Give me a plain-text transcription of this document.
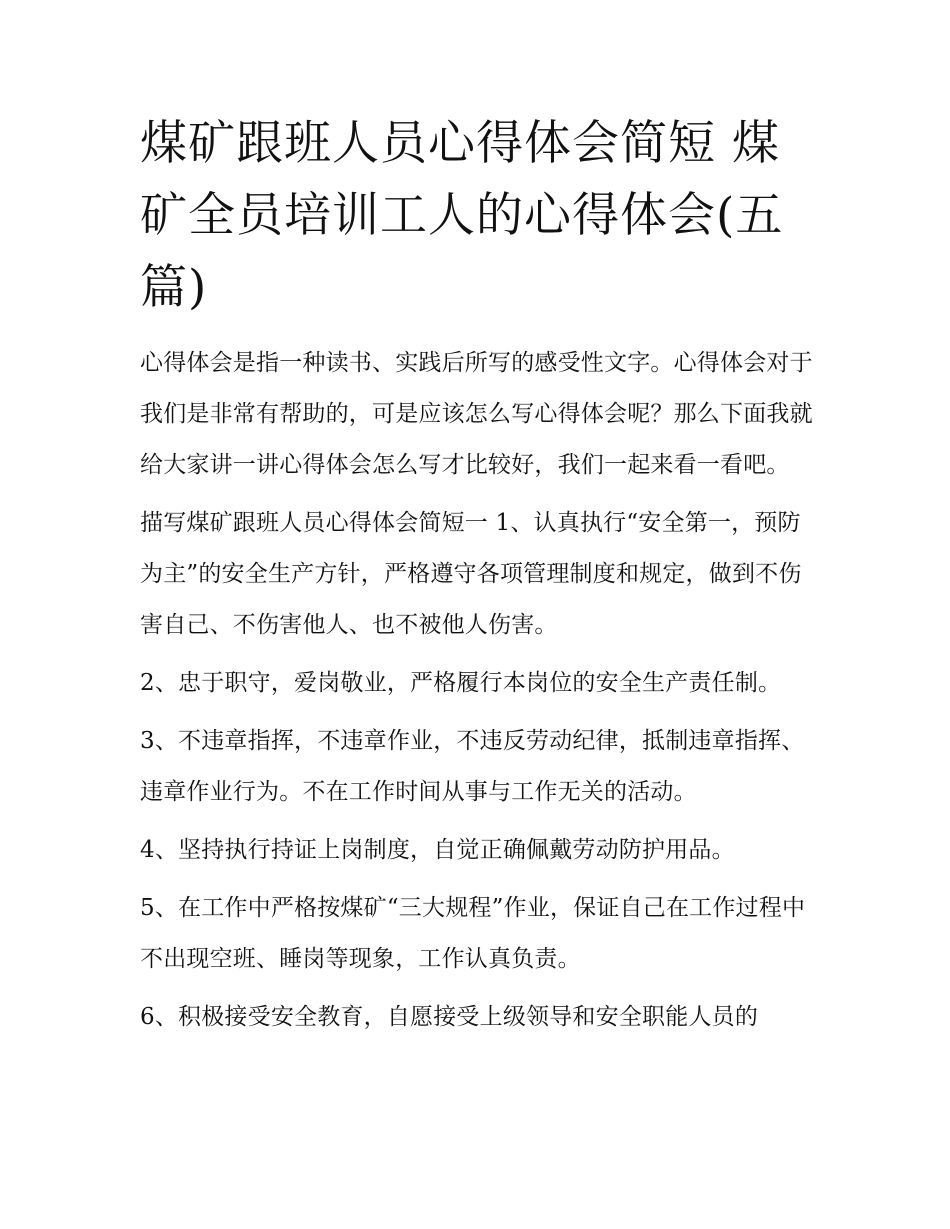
煤矿跟班人员心得体会简短 煤矿全员培训工人的心得体会(五篇)

心得体会是指一种读书、实践后所写的感受性文字。心得体会对于我们是非常有帮助的，可是应该怎么写心得体会呢？那么下面我就给大家讲一讲心得体会怎么写才比较好，我们一起来看一看吧。

描写煤矿跟班人员心得体会简短一 1、认真执行“安全第一，预防为主”的安全生产方针，严格遵守各项管理制度和规定，做到不伤害自己、不伤害他人、也不被他人伤害。

2、忠于职守，爱岗敬业，严格履行本岗位的安全生产责任制。

3、不违章指挥，不违章作业，不违反劳动纪律，抵制违章指挥、违章作业行为。不在工作时间从事与工作无关的活动。

4、坚持执行持证上岗制度，自觉正确佩戴劳动防护用品。

5、在工作中严格按煤矿“三大规程”作业，保证自己在工作过程中不出现空班、睡岗等现象，工作认真负责。

6、积极接受安全教育，自愿接受上级领导和安全职能人员的
